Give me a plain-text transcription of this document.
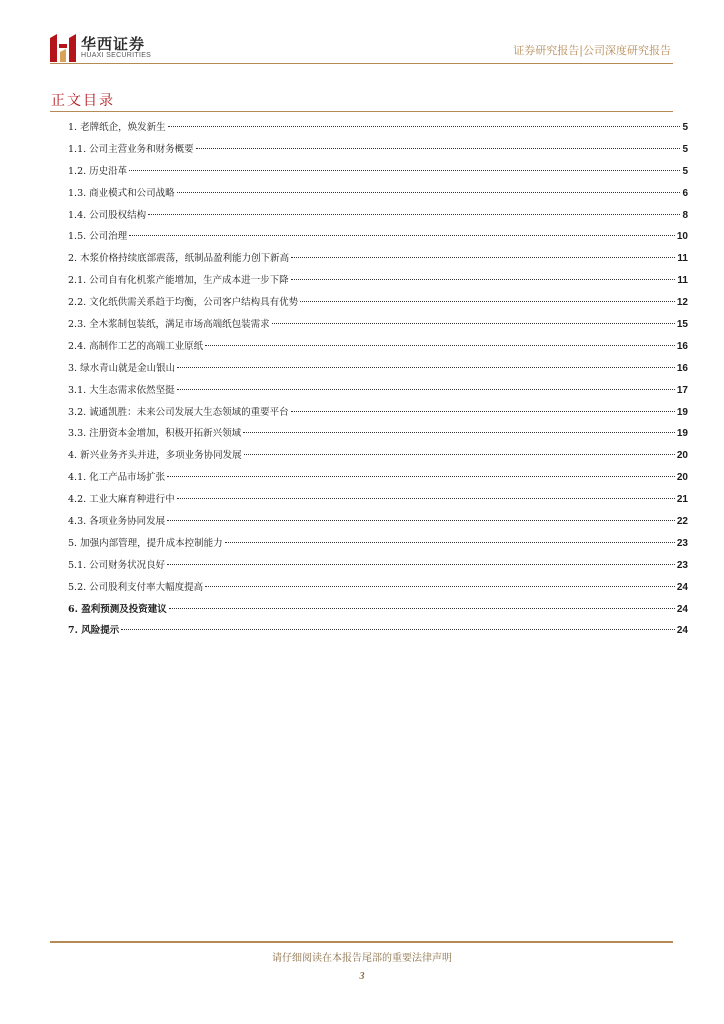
华西证券
HUAXI SECURITIES	证券研究报告|公司深度研究报告
正文目录
1. 老牌纸企，焕发新生	5
1.1. 公司主营业务和财务概要	5
1.2. 历史沿革	5
1.3. 商业模式和公司战略	6
1.4. 公司股权结构	8
1.5. 公司治理	10
2. 木浆价格持续底部震荡，纸制品盈利能力创下新高	11
2.1. 公司自有化机浆产能增加，生产成本进一步下降	11
2.2. 文化纸供需关系趋于均衡，公司客户结构具有优势	12
2.3. 全木浆制包装纸，满足市场高端纸包装需求	15
2.4. 高制作工艺的高端工业原纸	16
3. 绿水青山就是金山银山	16
3.1. 大生态需求依然坚挺	17
3.2. 诚通凯胜：未来公司发展大生态领域的重要平台	19
3.3. 注册资本金增加，积极开拓新兴领域	19
4. 新兴业务齐头并进，多项业务协同发展	20
4.1. 化工产品市场扩张	20
4.2. 工业大麻育种进行中	21
4.3. 各项业务协同发展	22
5. 加强内部管理，提升成本控制能力	23
5.1. 公司财务状况良好	23
5.2. 公司股利支付率大幅度提高	24
6. 盈利预测及投资建议	24
7. 风险提示	24
请仔细阅读在本报告尾部的重要法律声明
3
